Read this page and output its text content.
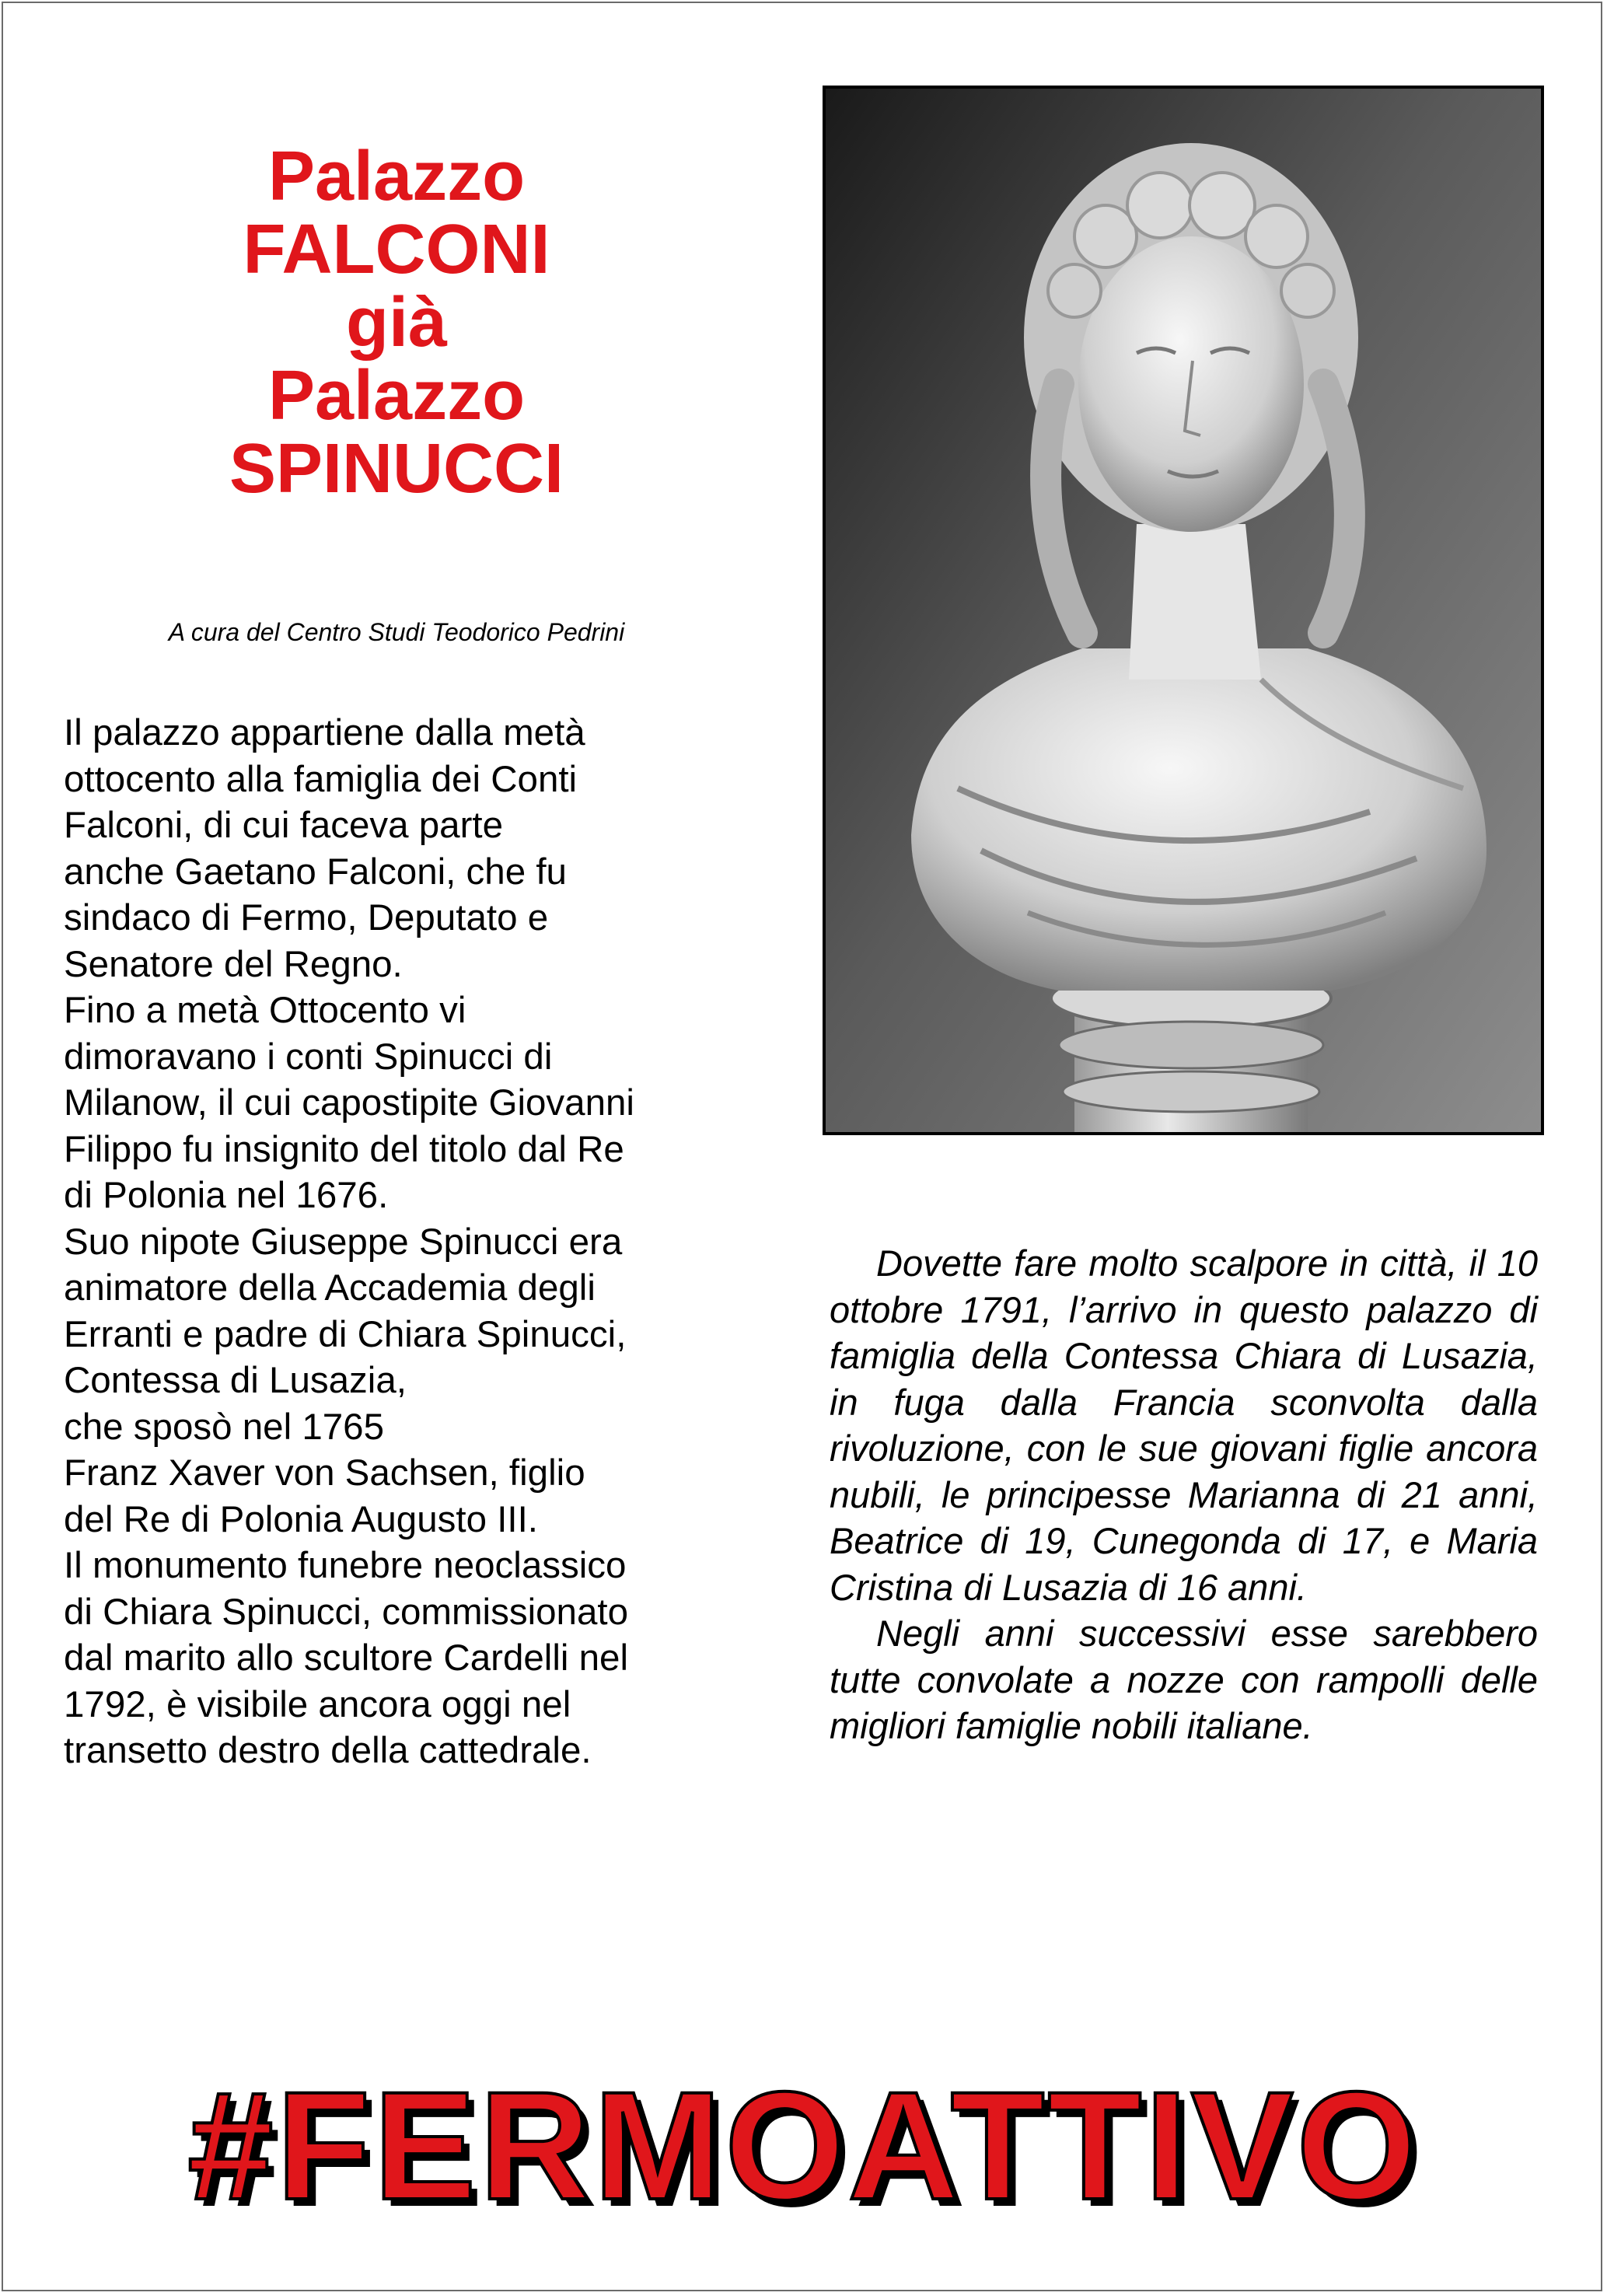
Palazzo
FALCONI
già
Palazzo
SPINUCCI
A cura del Centro Studi Teodorico Pedrini
Il palazzo appartiene dalla metà
ottocento alla famiglia dei Conti
Falconi, di cui faceva parte
anche Gaetano Falconi, che fu
sindaco di Fermo, Deputato e
Senatore del Regno.
Fino a metà Ottocento vi
dimoravano i conti Spinucci di
Milanow, il cui capostipite Giovanni
Filippo fu insignito del titolo dal Re
di Polonia nel 1676.
Suo nipote Giuseppe Spinucci era
animatore della Accademia degli
Erranti e padre di Chiara Spinucci,
Contessa di Lusazia,
che sposò nel 1765
Franz Xaver von Sachsen, figlio
del Re di Polonia Augusto III.
Il monumento funebre neoclassico
di Chiara Spinucci, commissionato
dal marito allo scultore Cardelli nel
1792, è visibile ancora oggi nel
transetto destro della cattedrale.

Dovette fare molto scalpore in città, il 10 ottobre 1791, l’arrivo in questo palazzo di famiglia della Contessa Chiara di Lusazia, in fuga dalla Francia sconvolta dalla rivoluzione, con le sue giovani figlie ancora nubili, le principesse Marianna di 21 anni, Beatrice di 19, Cunegonda di 17, e Maria Cristina di Lusazia di 16 anni.

Negli anni successivi esse sarebbero tutte convolate a nozze con rampolli delle migliori famiglie nobili italiane.

#FERMOATTIVO
